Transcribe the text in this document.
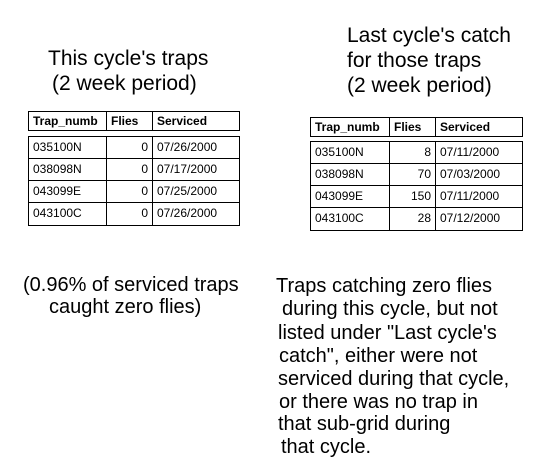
This cycle's traps
(2 week period)
Last cycle's catch
for those traps
(2 week period)
Trap_numb	Flies	Serviced
035100N	0 07/26/2000
038098N	0 07/17/2000
043099E	0 07/25/2000
043100C	0 07/26/2000
Trap_numb	Flies	Serviced
035100N	8 07/11/2000
038098N	70 07/03/2000
043099E	150 07/11/2000
043100C	28 07/12/2000
(0.96% of serviced traps
caught zero flies)
Traps catching zero flies
during this cycle, but not
listed under "Last cycle's
catch", either were not
serviced during that cycle,
or there was no trap in
that sub-grid during
that cycle.
